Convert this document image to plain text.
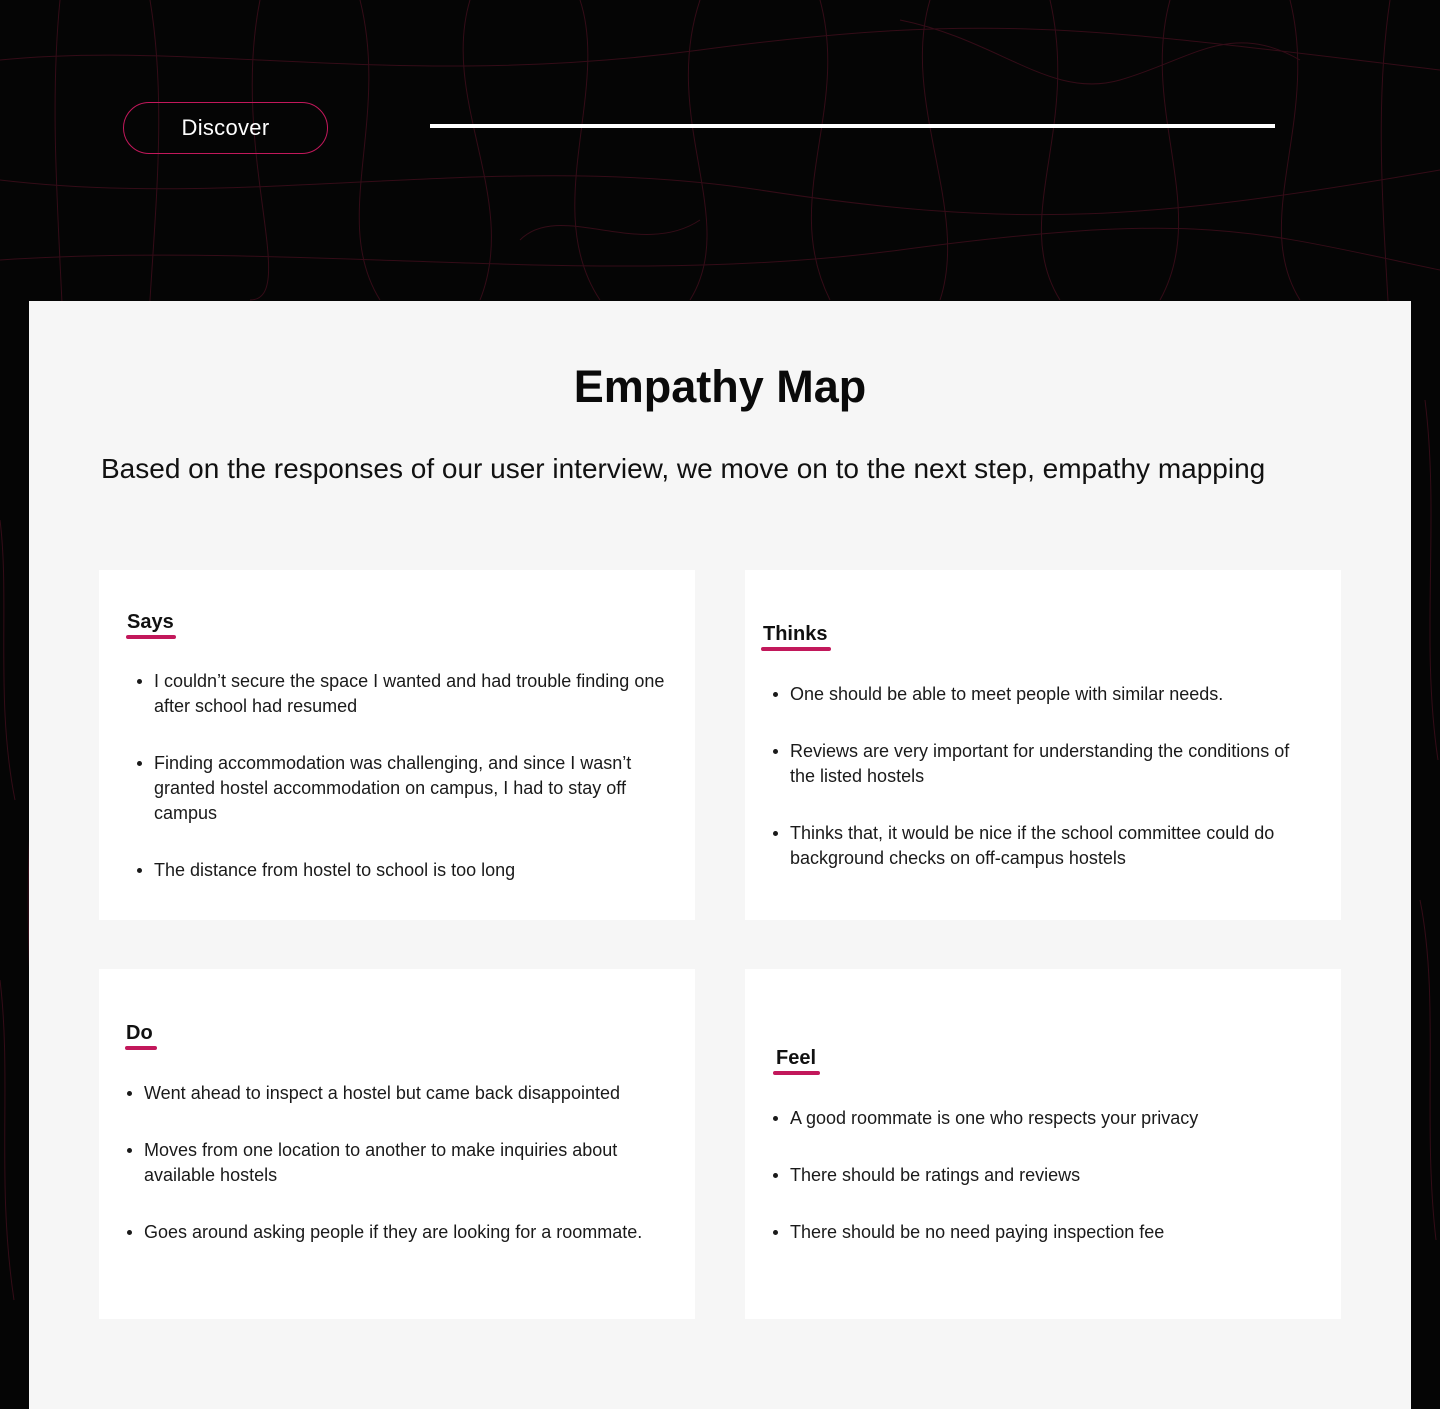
Discover
Empathy Map

Based on the responses of our user interview, we move on to the next step, empathy mapping

Says
I couldn’t secure the space I wanted and had trouble finding one after school had resumed
Finding accommodation was challenging, and since I wasn’t granted hostel accommodation on campus, I had to stay off campus
The distance from hostel to school is too long
Thinks
One should be able to meet people with similar needs.
Reviews are very important for understanding the conditions of the listed hostels
Thinks that, it would be nice if the school committee could do background checks on off-campus hostels
Do
Went ahead to inspect a hostel but came back disappointed
Moves from one location to another to make inquiries about available hostels
Goes around asking people if they are looking for a roommate.
Feel
A good roommate is one who respects your privacy
There should be ratings and reviews
There should be no need paying inspection fee
